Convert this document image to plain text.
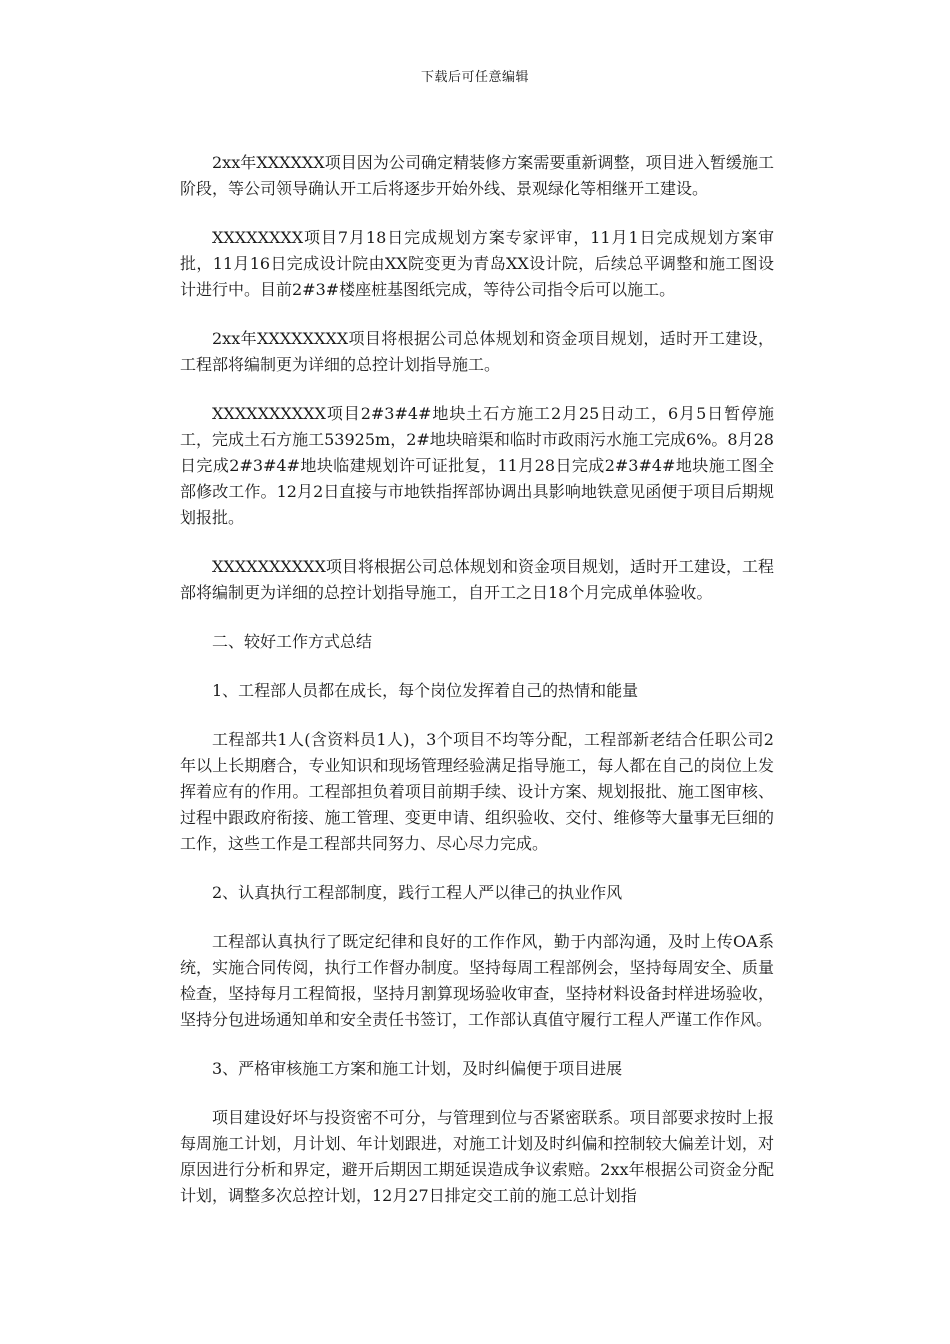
下载后可任意编辑

2xx年XXXXXX项目因为公司确定精装修方案需要重新调整，项目进入暂缓施工阶段，等公司领导确认开工后将逐步开始外线、景观绿化等相继开工建设。

XXXXXXXX项目7月18日完成规划方案专家评审，11月1日完成规划方案审批，11月16日完成设计院由XX院变更为青岛XX设计院，后续总平调整和施工图设计进行中。目前2#3#楼座桩基图纸完成，等待公司指令后可以施工。

2xx年XXXXXXXX项目将根据公司总体规划和资金项目规划，适时开工建设，工程部将编制更为详细的总控计划指导施工。

XXXXXXXXXX项目2#3#4#地块土石方施工2月25日动工，6月5日暂停施工，完成土石方施工53925m，2#地块暗渠和临时市政雨污水施工完成6%。8月28日完成2#3#4#地块临建规划许可证批复，11月28日完成2#3#4#地块施工图全部修改工作。12月2日直接与市地铁指挥部协调出具影响地铁意见函便于项目后期规划报批。

XXXXXXXXXX项目将根据公司总体规划和资金项目规划，适时开工建设，工程部将编制更为详细的总控计划指导施工，自开工之日18个月完成单体验收。

二、较好工作方式总结

1、工程部人员都在成长，每个岗位发挥着自己的热情和能量

工程部共1人(含资料员1人)，3个项目不均等分配，工程部新老结合任职公司2年以上长期磨合，专业知识和现场管理经验满足指导施工，每人都在自己的岗位上发挥着应有的作用。工程部担负着项目前期手续、设计方案、规划报批、施工图审核、过程中跟政府衔接、施工管理、变更申请、组织验收、交付、维修等大量事无巨细的工作，这些工作是工程部共同努力、尽心尽力完成。

2、认真执行工程部制度，践行工程人严以律己的执业作风

工程部认真执行了既定纪律和良好的工作作风，勤于内部沟通，及时上传OA系统，实施合同传阅，执行工作督办制度。坚持每周工程部例会，坚持每周安全、质量检查，坚持每月工程简报，坚持月割算现场验收审查，坚持材料设备封样进场验收，坚持分包进场通知单和安全责任书签订，工作部认真值守履行工程人严谨工作作风。

3、严格审核施工方案和施工计划，及时纠偏便于项目进展

项目建设好坏与投资密不可分，与管理到位与否紧密联系。项目部要求按时上报每周施工计划，月计划、年计划跟进，对施工计划及时纠偏和控制较大偏差计划，对原因进行分析和界定，避开后期因工期延误造成争议索赔。2xx年根据公司资金分配计划，调整多次总控计划，12月27日排定交工前的施工总计划指
